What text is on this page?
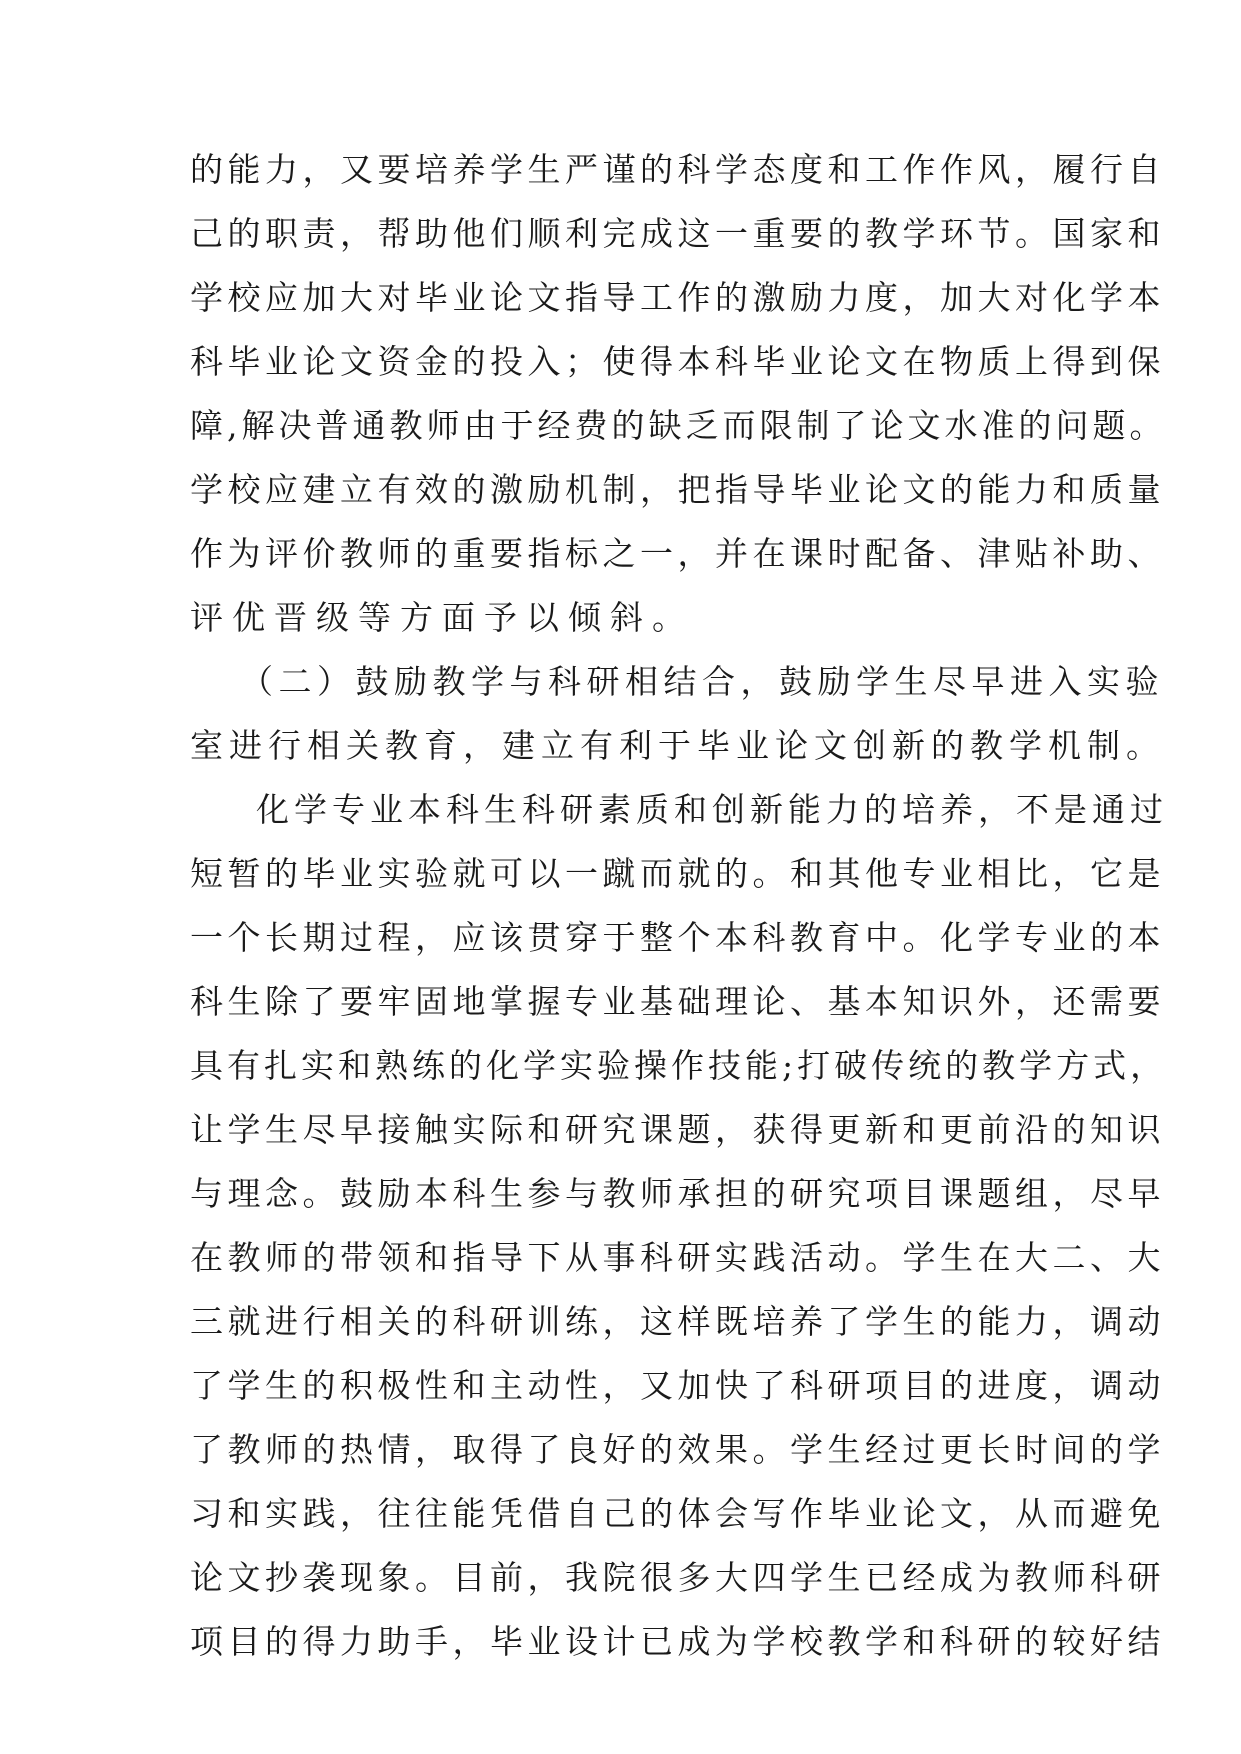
的能力，又要培养学生严谨的科学态度和工作作风，履行自
己的职责，帮助他们顺利完成这一重要的教学环节。国家和
学校应加大对毕业论文指导工作的激励力度，加大对化学本
科毕业论文资金的投入；使得本科毕业论文在物质上得到保
障,解决普通教师由于经费的缺乏而限制了论文水准的问题。
学校应建立有效的激励机制，把指导毕业论文的能力和质量
作为评价教师的重要指标之一，并在课时配备、津贴补助、
评优晋级等方面予以倾斜。
（二）鼓励教学与科研相结合，鼓励学生尽早进入实验
室进行相关教育，建立有利于毕业论文创新的教学机制。
化学专业本科生科研素质和创新能力的培养，不是通过
短暂的毕业实验就可以一蹴而就的。和其他专业相比，它是
一个长期过程，应该贯穿于整个本科教育中。化学专业的本
科生除了要牢固地掌握专业基础理论、基本知识外，还需要
具有扎实和熟练的化学实验操作技能;打破传统的教学方式，
让学生尽早接触实际和研究课题，获得更新和更前沿的知识
与理念。鼓励本科生参与教师承担的研究项目课题组，尽早
在教师的带领和指导下从事科研实践活动。学生在大二、大
三就进行相关的科研训练，这样既培养了学生的能力，调动
了学生的积极性和主动性，又加快了科研项目的进度，调动
了教师的热情，取得了良好的效果。学生经过更长时间的学
习和实践，往往能凭借自己的体会写作毕业论文，从而避免
论文抄袭现象。目前，我院很多大四学生已经成为教师科研
项目的得力助手，毕业设计已成为学校教学和科研的较好结
